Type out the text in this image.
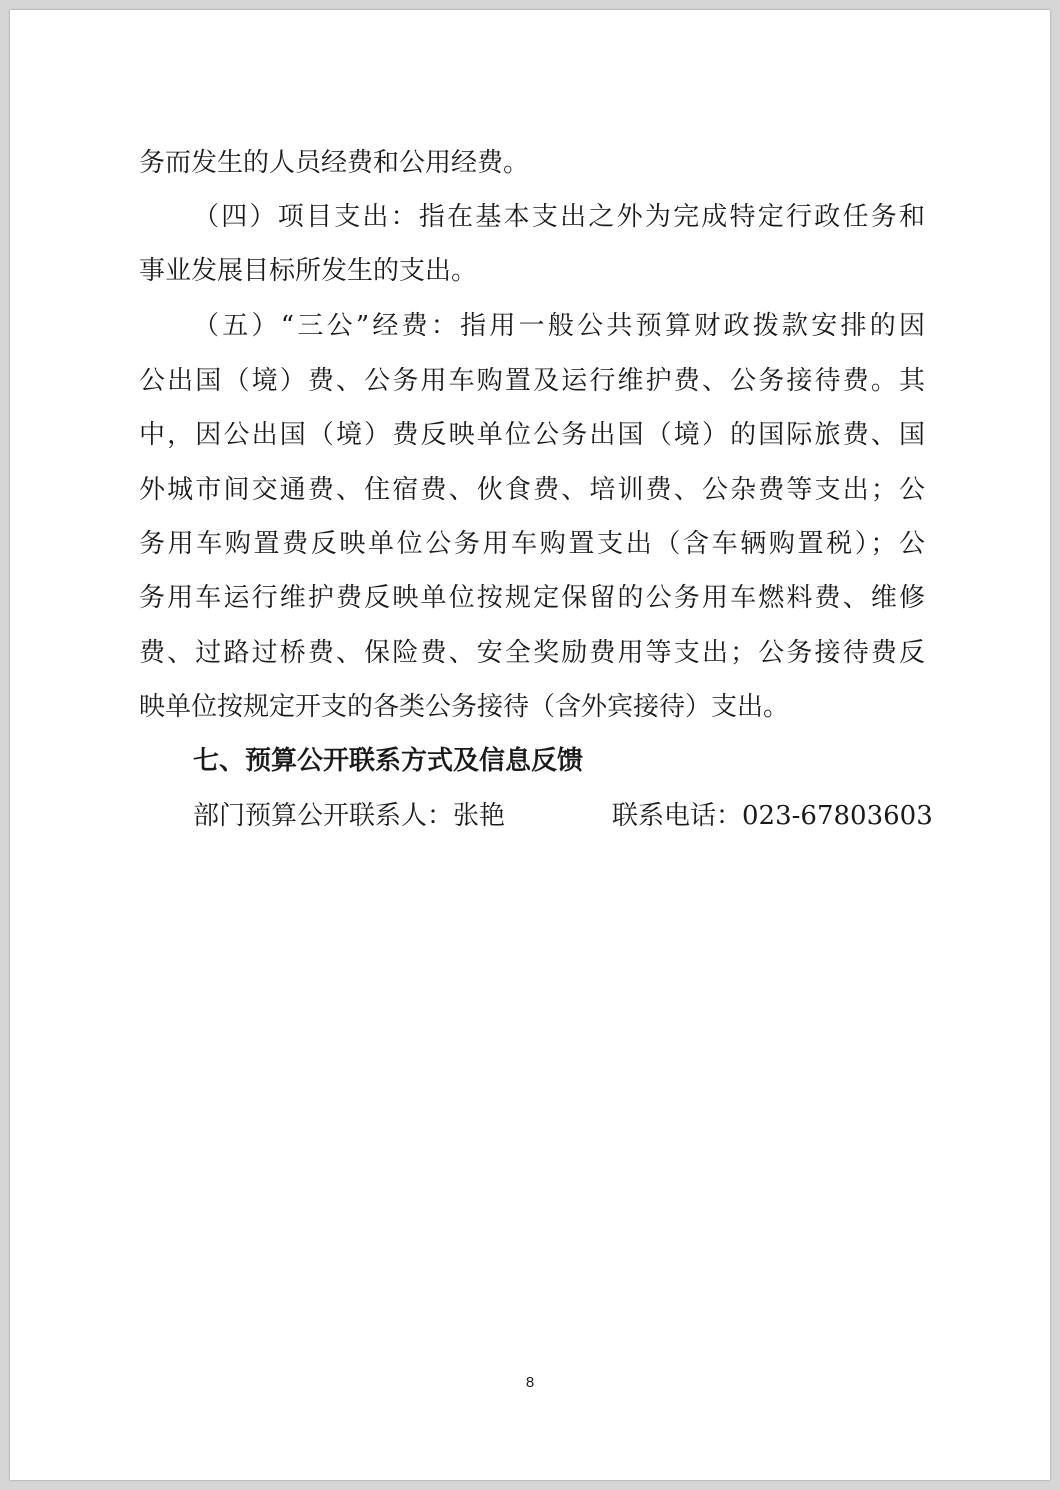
务而发生的人员经费和公用经费。
（四）项目支出：指在基本支出之外为完成特定行政任务和
事业发展目标所发生的支出。
（五）“三公”经费：指用一般公共预算财政拨款安排的因
公出国（境）费、公务用车购置及运行维护费、公务接待费。其
中，因公出国（境）费反映单位公务出国（境）的国际旅费、国
外城市间交通费、住宿费、伙食费、培训费、公杂费等支出；公
务用车购置费反映单位公务用车购置支出（含车辆购置税）；公
务用车运行维护费反映单位按规定保留的公务用车燃料费、维修
费、过路过桥费、保险费、安全奖励费用等支出；公务接待费反
映单位按规定开支的各类公务接待（含外宾接待）支出。
七、预算公开联系方式及信息反馈
部门预算公开联系人：张艳	联系电话：023-67803603
8
